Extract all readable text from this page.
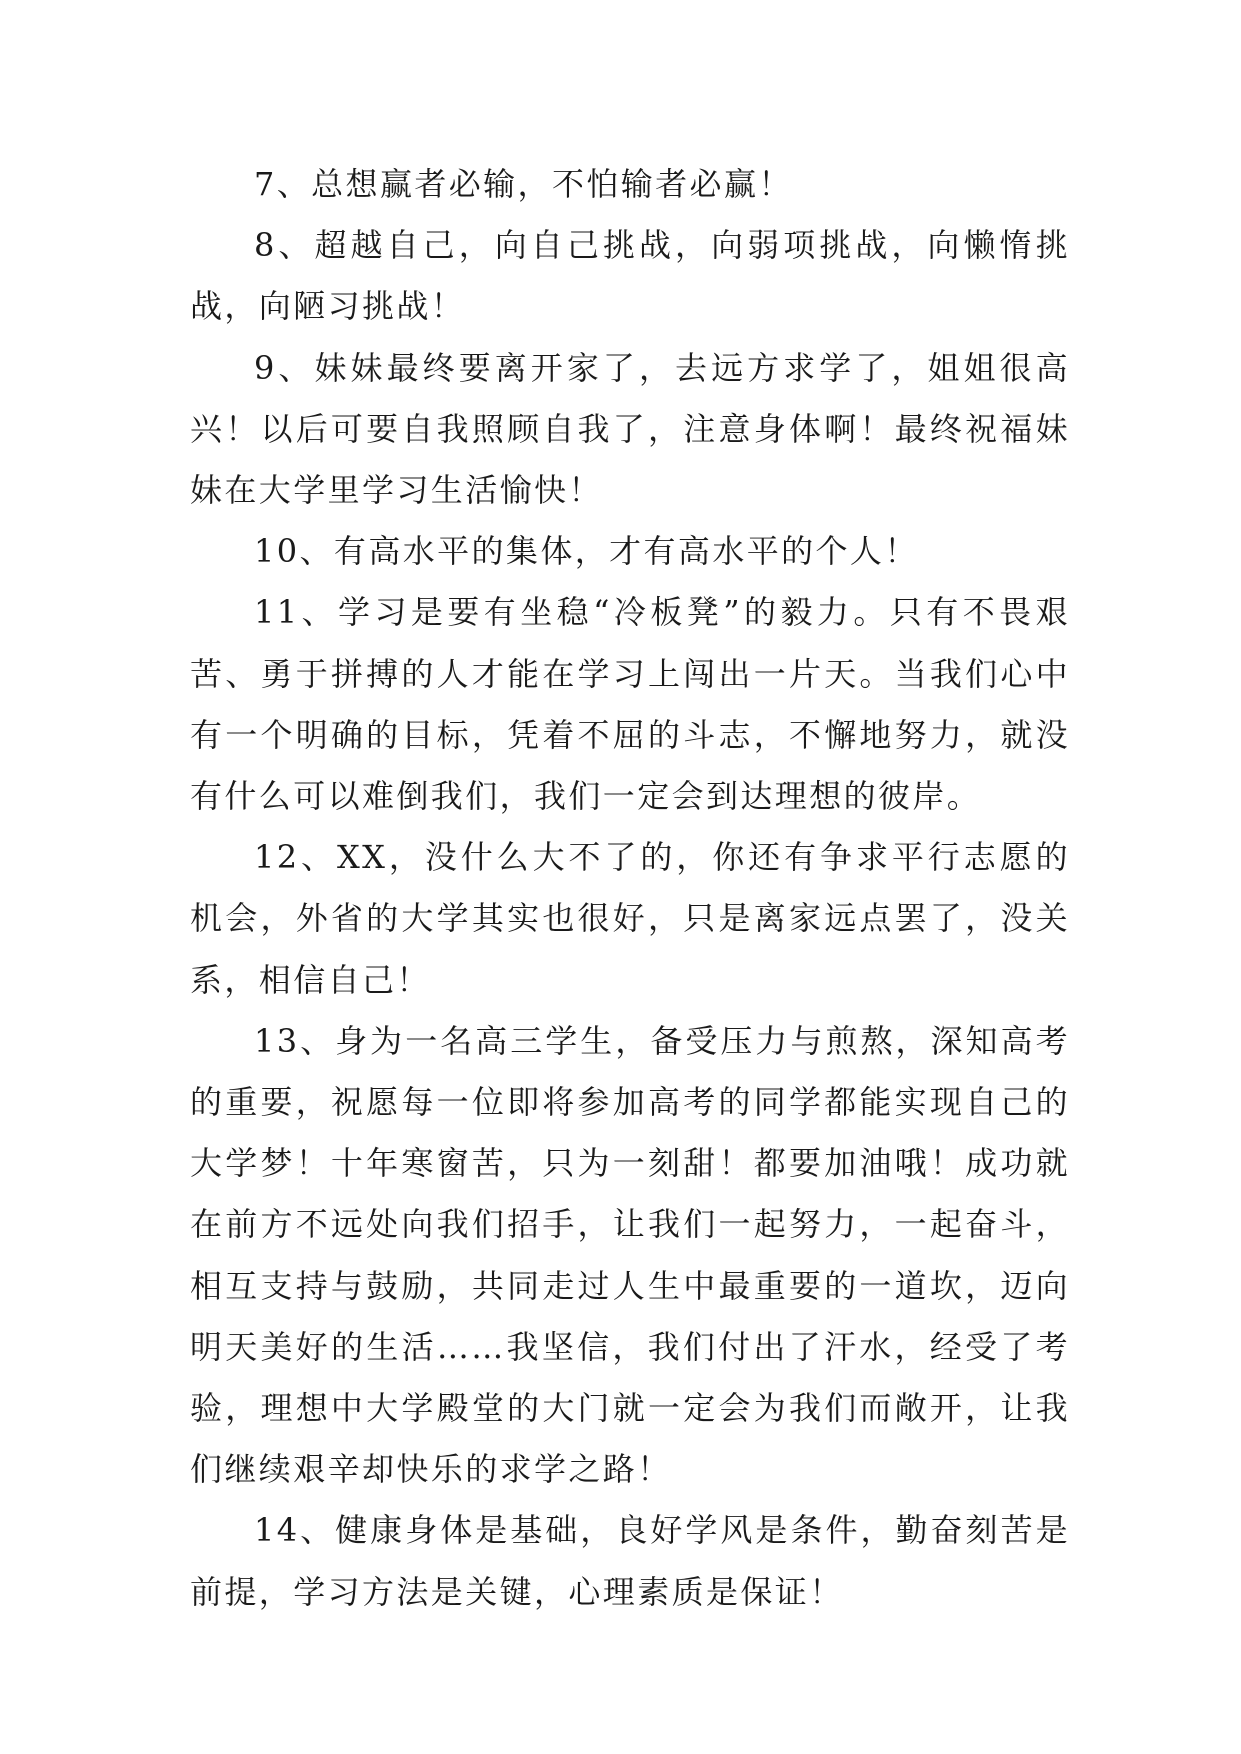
7、总想赢者必输，不怕输者必赢！

8、超越自己，向自己挑战，向弱项挑战，向懒惰挑战，向陋习挑战！

9、妹妹最终要离开家了，去远方求学了，姐姐很高兴！以后可要自我照顾自我了，注意身体啊！最终祝福妹妹在大学里学习生活愉快！

10、有高水平的集体，才有高水平的个人！

11、学习是要有坐稳“冷板凳”的毅力。只有不畏艰苦、勇于拼搏的人才能在学习上闯出一片天。当我们心中有一个明确的目标，凭着不屈的斗志，不懈地努力，就没有什么可以难倒我们，我们一定会到达理想的彼岸。

12、XX，没什么大不了的，你还有争求平行志愿的机会，外省的大学其实也很好，只是离家远点罢了，没关系，相信自己！

13、身为一名高三学生，备受压力与煎熬，深知高考的重要，祝愿每一位即将参加高考的同学都能实现自己的大学梦！十年寒窗苦，只为一刻甜！都要加油哦！成功就在前方不远处向我们招手，让我们一起努力，一起奋斗，相互支持与鼓励，共同走过人生中最重要的一道坎，迈向明天美好的生活……我坚信，我们付出了汗水，经受了考验，理想中大学殿堂的大门就一定会为我们而敞开，让我们继续艰辛却快乐的求学之路！

14、健康身体是基础，良好学风是条件，勤奋刻苦是前提，学习方法是关键，心理素质是保证！
